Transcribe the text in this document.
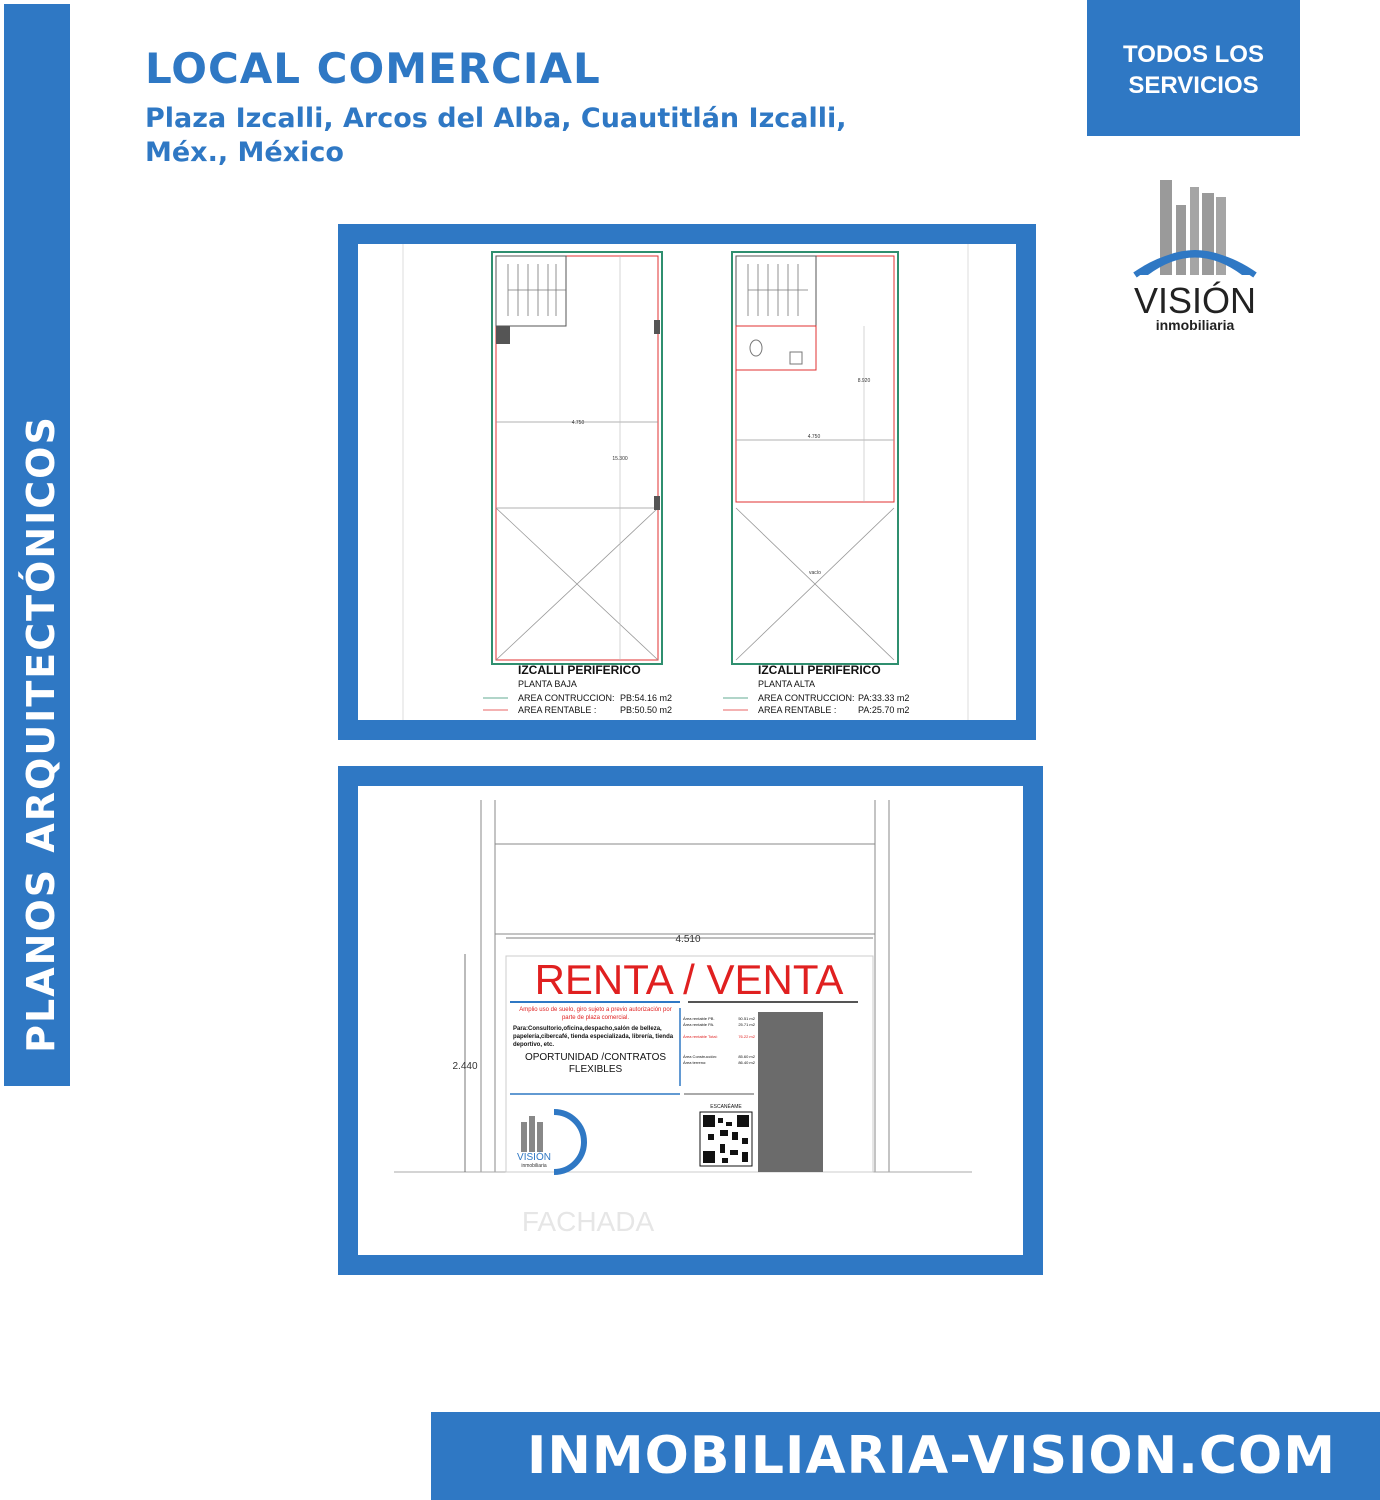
PLANOS ARQUITECTÓNICOS
LOCAL COMERCIAL

Plaza Izcalli, Arcos del Alba, Cuautitlán Izcalli, Méx., México

TODOS LOS
SERVICIOS
VISIÓN
inmobiliaria
4.750
15.300
IZCALLI PERIFERICO
PLANTA BAJA
AREA CONTRUCCION: PB:54.16 m2
AREA RENTABLE :	PB:50.50 m2
4.750
8.920
vacío
IZCALLI PERIFERICO
PLANTA ALTA
AREA CONTRUCCION: PA:33.33 m2
AREA RENTABLE : PA:25.70 m2
4.510
2.440
RENTA / VENTA
Amplio uso de suelo, giro sujeto a previo autorización por parte de plaza comercial.
Para:Consultorio,oficina,despacho,salón de belleza, papelería,cibercafé, tienda especializada, librería, tienda deportivo, etc.
OPORTUNIDAD /CONTRATOS
FLEXIBLES
Área rentable PB.	50.51 m2
Área rentable PA.	25.71 m2
Área rentable Total:	76.22 m2
Área Construcción:	85.60 m2
Área terreno:	86.40 m2
ESCANÉAME
VISIÓN
inmobiliaria
FACHADA
INMOBILIARIA-VISION.COM
